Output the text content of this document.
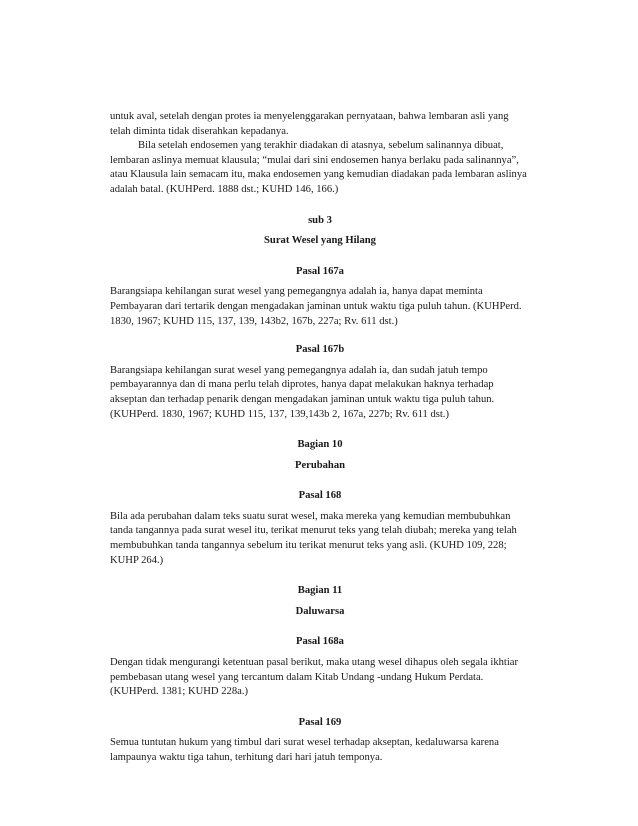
untuk aval, setelah dengan protes ia menyelenggarakan pernyataan, bahwa lembaran asli yang telah diminta tidak diserahkan kepadanya.

Bila setelah endosemen yang terakhir diadakan di atasnya, sebelum salinannya dibuat, lembaran aslinya memuat klausula; “mulai dari sini endosemen hanya berlaku pada salinannya”, atau Klausula lain semacam itu, maka endosemen yang kemudian diadakan pada lembaran aslinya adalah batal. (KUHPerd. 1888 dst.; KUHD 146, 166.)

sub 3

Surat Wesel yang Hilang

Pasal 167a

Barangsiapa kehilangan surat wesel yang pemegangnya adalah ia, hanya dapat meminta Pembayaran dari tertarik dengan mengadakan jaminan untuk waktu tiga puluh tahun. (KUHPerd. 1830, 1967; KUHD 115, 137, 139, 143b2, 167b, 227a; Rv. 611 dst.)

Pasal 167b

Barangsiapa kehilangan surat wesel yang pemegangnya adalah ia, dan sudah jatuh tempo pembayarannya dan di mana perlu telah diprotes, hanya dapat melakukan haknya terhadap akseptan dan terhadap penarik dengan mengadakan jaminan untuk waktu tiga puluh tahun. (KUHPerd. 1830, 1967; KUHD 115, 137, 139,143b 2, 167a, 227b; Rv. 611 dst.)

Bagian 10

Perubahan

Pasal 168

Bila ada perubahan dalam teks suatu surat wesel, maka mereka yang kemudian membubuhkan tanda tangannya pada surat wesel itu, terikat menurut teks yang telah diubah; mereka yang telah membubuhkan tanda tangannya sebelum itu terikat menurut teks yang asli. (KUHD 109, 228; KUHP 264.)

Bagian 11

Daluwarsa

Pasal 168a

Dengan tidak mengurangi ketentuan pasal berikut, maka utang wesel dihapus oleh segala ikhtiar pembebasan utang wesel yang tercantum dalam Kitab Undang -undang Hukum Perdata. (KUHPerd. 1381; KUHD 228a.)

Pasal 169

Semua tuntutan hukum yang timbul dari surat wesel terhadap akseptan, kedaluwarsa karena lampaunya waktu tiga tahun, terhitung dari hari jatuh temponya.
